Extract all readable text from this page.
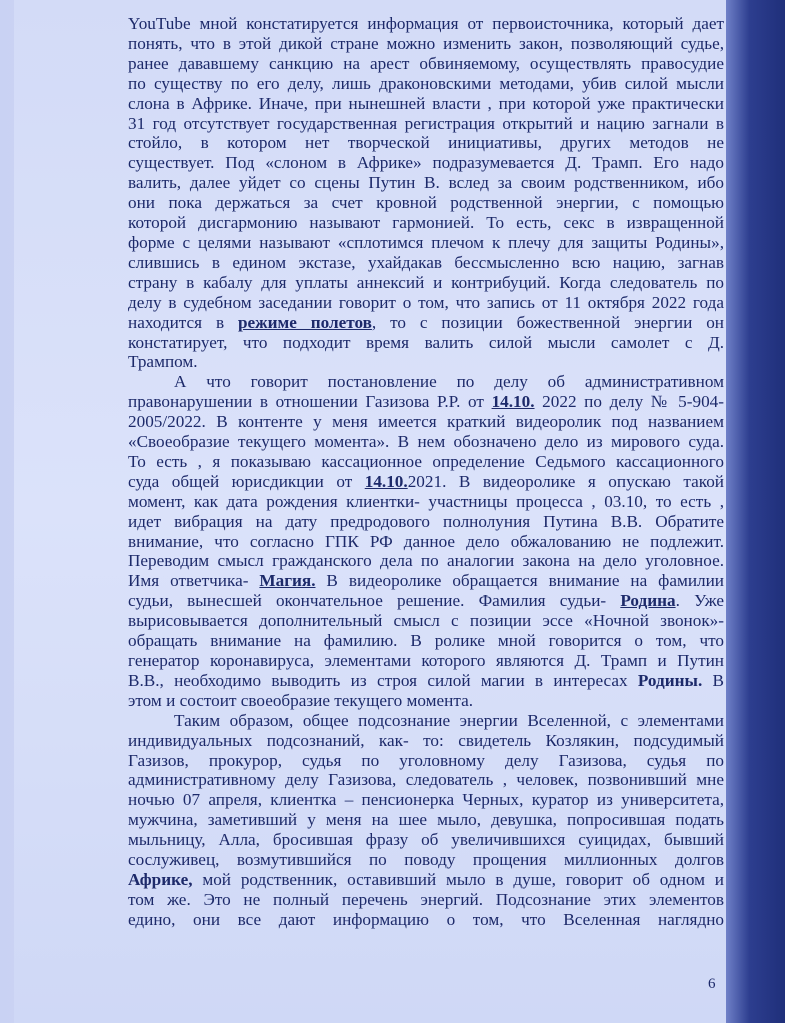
YouTube мной констатируется информация от первоисточника, который дает
понять, что в этой дикой стране можно изменить закон, позволяющий судье,
ранее дававшему санкцию на арест обвиняемому, осуществлять правосудие
по существу по его делу, лишь драконовскими методами, убив силой мысли
слона в Африке. Иначе, при нынешней власти , при которой уже практически
31 год отсутствует государственная регистрация открытий и нацию загнали в
стойло, в котором нет творческой инициативы, других методов не
существует. Под «слоном в Африке» подразумевается Д. Трамп. Его надо
валить, далее уйдет со сцены Путин В. вслед за своим родственником, ибо
они пока держаться за счет кровной родственной энергии, с помощью
которой дисгармонию называют гармонией. То есть, секс в извращенной
форме с целями называют «сплотимся плечом к плечу для защиты Родины»,
слившись в едином экстазе, ухайдакав бессмысленно всю нацию, загнав
страну в кабалу для уплаты аннексий и контрибуций. Когда следователь по
делу в судебном заседании говорит о том, что запись от 11 октября 2022 года
находится в режиме полетов, то с позиции божественной энергии он
констатирует, что подходит время валить силой мысли самолет с Д.
Трампом.

А что говорит постановление по делу об административном
правонарушении в отношении Газизова Р.Р. от 14.10. 2022 по делу № 5-904-
2005/2022. В контенте у меня имеется краткий видеоролик под названием
«Своеобразие текущего момента». В нем обозначено дело из мирового суда.
То есть , я показываю кассационное определение Седьмого кассационного
суда общей юрисдикции от 14.10.2021. В видеоролике я опускаю такой
момент, как дата рождения клиентки- участницы процесса , 03.10, то есть ,
идет вибрация на дату предродового полнолуния Путина В.В. Обратите
внимание, что согласно ГПК РФ данное дело обжалованию не подлежит.
Переводим смысл гражданского дела по аналогии закона на дело уголовное.
Имя ответчика- Магия. В видеоролике обращается внимание на фамилии
судьи, вынесшей окончательное решение. Фамилия судьи- Родина. Уже
вырисовывается дополнительный смысл с позиции эссе «Ночной звонок»-
обращать внимание на фамилию. В ролике мной говорится о том, что
генератор коронавируса, элементами которого являются Д. Трамп и Путин
В.В., необходимо выводить из строя силой магии в интересах Родины. В
этом и состоит своеобразие текущего момента.

Таким образом, общее подсознание энергии Вселенной, с элементами
индивидуальных подсознаний, как- то: свидетель Козлякин, подсудимый
Газизов, прокурор, судья по уголовному делу Газизова, судья по
административному делу Газизова, следователь , человек, позвонивший мне
ночью 07 апреля, клиентка – пенсионерка Черных, куратор из университета,
мужчина, заметивший у меня на шее мыло, девушка, попросившая подать
мыльницу, Алла, бросившая фразу об увеличившихся суицидах, бывший
сослуживец, возмутившийся по поводу прощения миллионных долгов
Африке, мой родственник, оставивший мыло в душе, говорит об одном и
том же. Это не полный перечень энергий. Подсознание этих элементов
едино, они все дают информацию о том, что Вселенная наглядно

6
